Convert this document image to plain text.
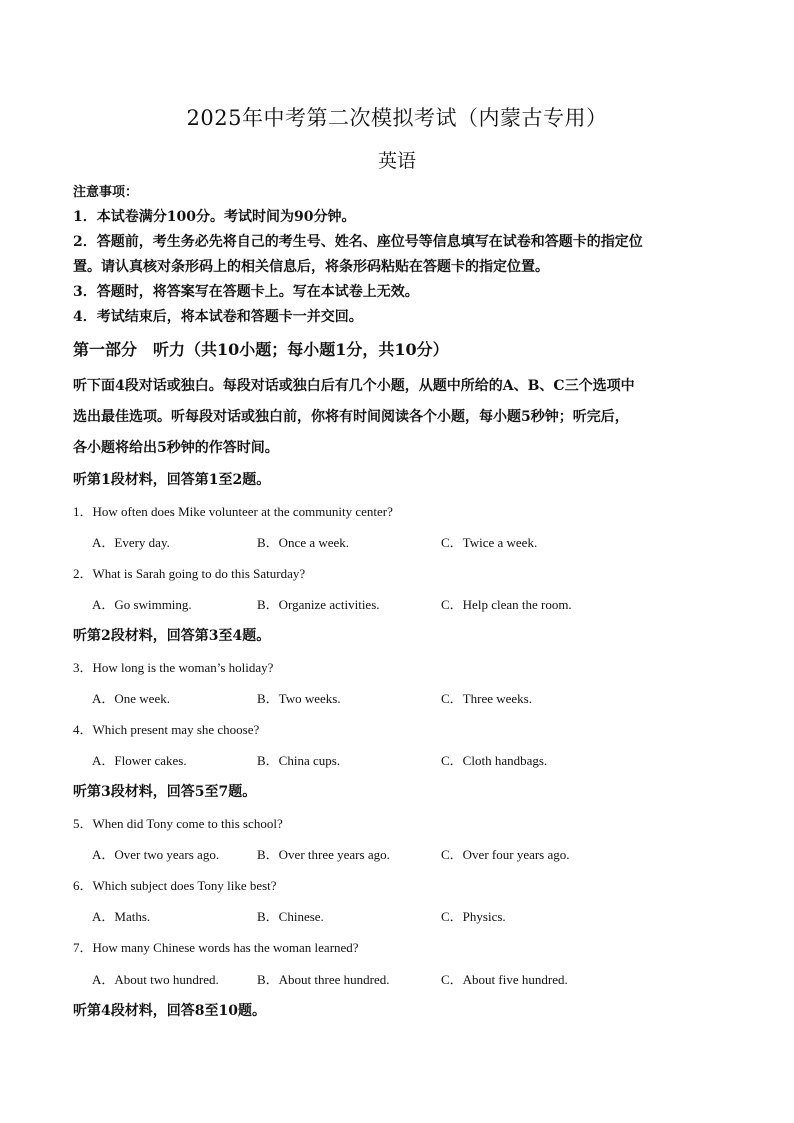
2025年中考第二次模拟考试（内蒙古专用）
英语
注意事项：
1．本试卷满分100分。考试时间为90分钟。
2．答题前，考生务必先将自己的考生号、姓名、座位号等信息填写在试卷和答题卡的指定位
置。请认真核对条形码上的相关信息后，将条形码粘贴在答题卡的指定位置。
3．答题时，将答案写在答题卡上。写在本试卷上无效。
4．考试结束后，将本试卷和答题卡一并交回。
第一部分　听力（共10小题；每小题1分，共10分）
听下面4段对话或独白。每段对话或独白后有几个小题，从题中所给的A、B、C三个选项中
选出最佳选项。听每段对话或独白前，你将有时间阅读各个小题，每小题5秒钟；听完后，
各小题将给出5秒钟的作答时间。
听第1段材料，回答第1至2题。
1．How often does Mike volunteer at the community center?
A．Every day.	B．Once a week.	C．Twice a week.
2．What is Sarah going to do this Saturday?
A．Go swimming.	B．Organize activities.	C．Help clean the room.
听第2段材料，回答第3至4题。
3．How long is the woman’s holiday?
A．One week.	B．Two weeks.	C．Three weeks.
4．Which present may she choose?
A．Flower cakes.	B．China cups.	C．Cloth handbags.
听第3段材料，回答5至7题。
5．When did Tony come to this school?
A．Over two years ago.	B．Over three years ago.	C．Over four years ago.
6．Which subject does Tony like best?
A．Maths.	B．Chinese.	C．Physics.
7．How many Chinese words has the woman learned?
A．About two hundred.	B．About three hundred.	C．About five hundred.
听第4段材料，回答8至10题。
